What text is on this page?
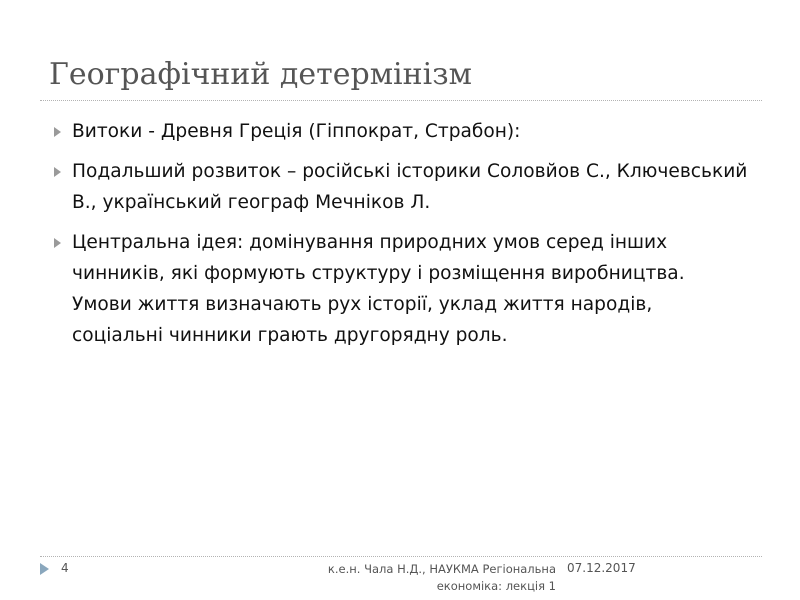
Географічний детермінізм
Витоки - Древня Греція (Гіппократ, Страбон):
Подальший розвиток – російські історики Соловйов С., Ключевський В., український географ Мечніков Л.
Центральна ідея: домінування природних умов серед інших чинників, які формують структуру і розміщення виробництва. Умови життя визначають рух історії, уклад життя народів, соціальні чинники грають другорядну роль.
4	к.е.н. Чала Н.Д., НАУКМА Регіональна економіка: лекція 1
07.12.2017
